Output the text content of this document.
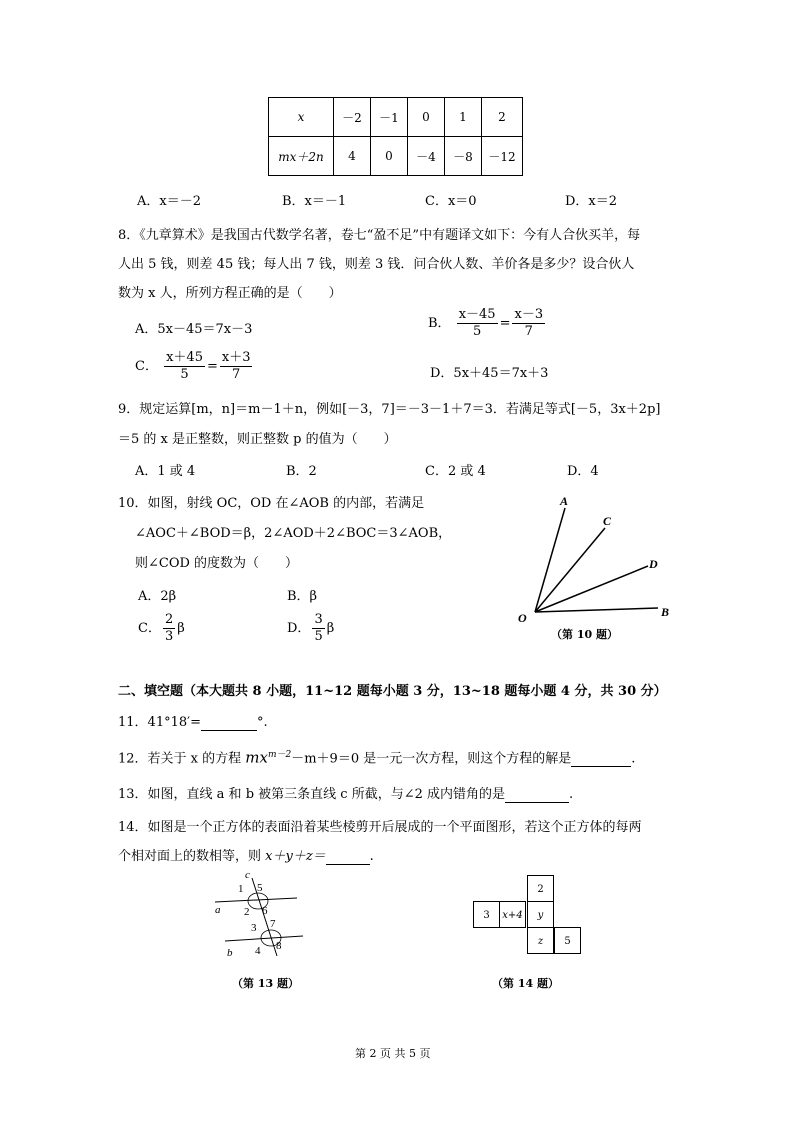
x	－2	－1	0	1	2
mx＋2n	4	0	－4	－8	－12
A．x＝－2	B．x＝－1	C．x＝0	D．x＝2
8．《九章算术》是我国古代数学名著，卷七“盈不足”中有题译文如下：今有人合伙买羊，每
人出 5 钱，则差 45 钱；每人出 7 钱，则差 3 钱．问合伙人数、羊价各是多少？设合伙人
数为 x 人，所列方程正确的是（　　）
A．5x－45＝7x－3	B． $\frac{x-45}{5} = \frac{x-3}{7}$
C． $\frac{x+45}{5} = \frac{x+3}{7}$	D．5x＋45＝7x＋3
9．规定运算[m，n]＝m－1＋n，例如[－3，7]＝－3－1＋7＝3．若满足等式[－5，3x＋2p]
＝5 的 x 是正整数，则正整数 p 的值为（　　）
A．1 或 4	B．2	C．2 或 4	D．4
10．如图，射线 OC，OD 在∠AOB 的内部，若满足
∠AOC＋∠BOD＝β，2∠AOD＋2∠BOC＝3∠AOB，
则∠COD 的度数为（　　）
A．2β	B．β
C． $\frac{2}{3}$ β	D． $\frac{3}{5}$ β
A
C
D
O	B
（第 10 题）
二、填空题（本大题共 8 小题，11~12 题每小题 3 分，13~18 题每小题 4 分，共 30 分）
11．41°18′=	°.
12．若关于 x 的方程 $mx^{m-2}-m+9=0$ 是一元一次方程，则这个方程的解是	.
13．如图，直线 a 和 b 被第三条直线 c 所截，与∠2 成内错角的是	.
14．如图是一个正方体的表面沿着某些棱剪开后展成的一个平面图形，若这个正方体的每两
个相对面上的数相等，则 x＋y＋z＝	.
c
1 5
a 2 6
7
3
b 4 8
（第 13 题）
2
3	x+4	y
z	5
（第 14 题）
第 2 页 共 5 页
